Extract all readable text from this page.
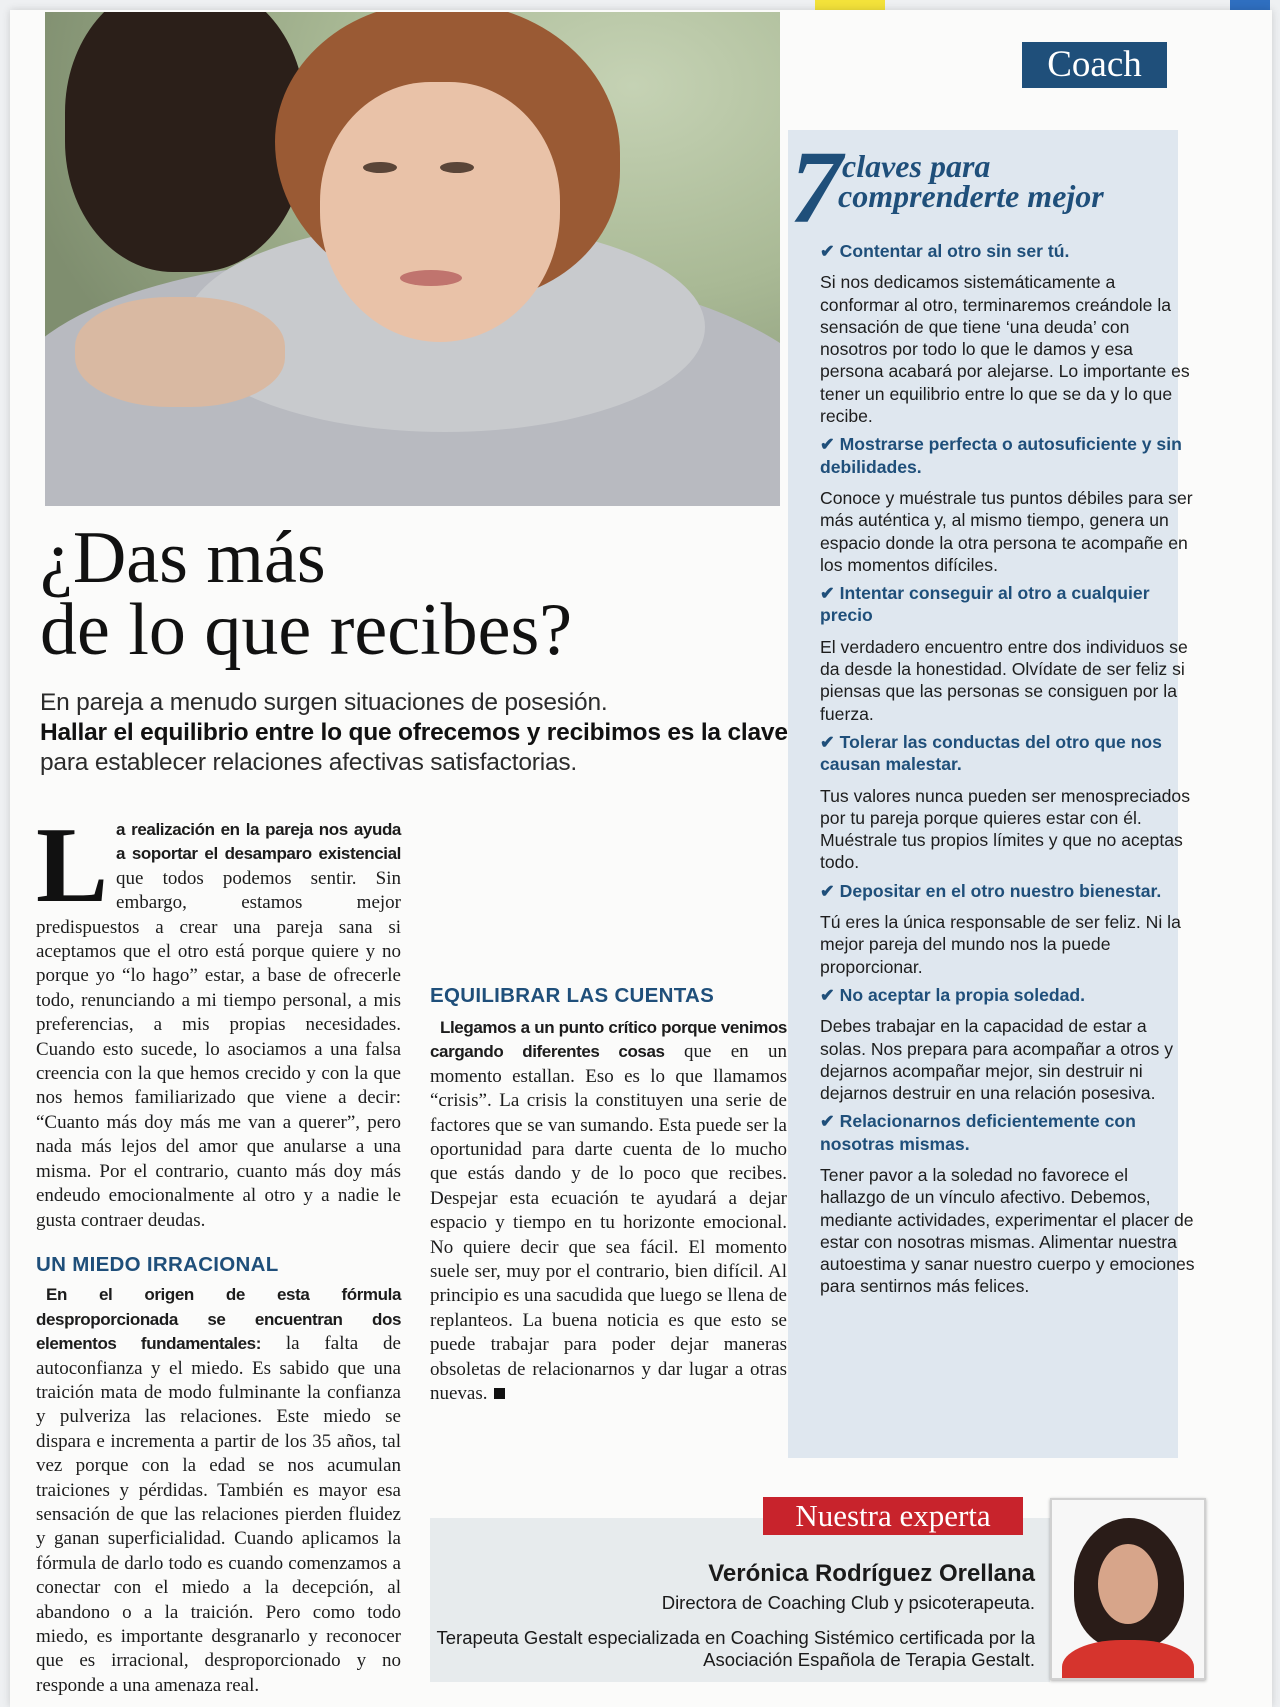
Coach
¿Das más
de lo que recibes?

En pareja a menudo surgen situaciones de posesión.
Hallar el equilibrio entre lo que ofrecemos y recibimos es la clave para establecer relaciones afectivas satisfactorias.

La realización en la pareja nos ayuda a soportar el desamparo existencial que todos podemos sentir. Sin embargo, estamos mejor predispuestos a crear una pareja sana si aceptamos que el otro está porque quiere y no porque yo “lo hago” estar, a base de ofrecerle todo, renunciando a mi tiempo personal, a mis preferencias, a mis propias necesidades. Cuando esto sucede, lo asociamos a una falsa creencia con la que hemos crecido y con la que nos hemos familiarizado que viene a decir: “Cuanto más doy más me van a querer”, pero nada más lejos del amor que anularse a una misma. Por el contrario, cuanto más doy más endeudo emocionalmente al otro y a nadie le gusta contraer deudas.

UN MIEDO IRRACIONAL

En el origen de esta fórmula desproporcionada se encuentran dos elementos fundamentales: la falta de autoconfianza y el miedo. Es sabido que una traición mata de modo fulminante la confianza y pulveriza las relaciones. Este miedo se dispara e incrementa a partir de los 35 años, tal vez porque con la edad se nos acumulan traiciones y pérdidas. También es mayor esa sensación de que las relaciones pierden fluidez y ganan superficialidad. Cuando aplicamos la fórmula de darlo todo es cuando comenzamos a conectar con el miedo a la decepción, al abandono o a la traición. Pero como todo miedo, es importante desgranarlo y reconocer que es irracional, desproporcionado y no responde a una amenaza real.

EQUILIBRAR LAS CUENTAS

Llegamos a un punto crítico porque venimos cargando diferentes cosas que en un momento estallan. Eso es lo que llamamos “crisis”. La crisis la constituyen una serie de factores que se van sumando. Esta puede ser la oportunidad para darte cuenta de lo mucho que estás dando y de lo poco que recibes. Despejar esta ecuación te ayudará a dejar espacio y tiempo en tu horizonte emocional. No quiere decir que sea fácil. El momento suele ser, muy por el contrario, bien difícil. Al principio es una sacudida que luego se llena de replanteos. La buena noticia es que esto se puede trabajar para poder dejar maneras obsoletas de relacionarnos y dar lugar a otras nuevas.

7 claves para
comprenderte mejor

✔ Contentar al otro sin ser tú.

Si nos dedicamos sistemáticamente a conformar al otro, terminaremos creándole la sensación de que tiene ‘una deuda’ con nosotros por todo lo que le damos y esa persona acabará por alejarse. Lo importante es tener un equilibrio entre lo que se da y lo que recibe.

✔ Mostrarse perfecta o autosuficiente y sin debilidades.

Conoce y muéstrale tus puntos débiles para ser más auténtica y, al mismo tiempo, genera un espacio donde la otra persona te acompañe en los momentos difíciles.

✔ Intentar conseguir al otro a cualquier precio

El verdadero encuentro entre dos individuos se da desde la honestidad. Olvídate de ser feliz si piensas que las personas se consiguen por la fuerza.

✔ Tolerar las conductas del otro que nos causan malestar.

Tus valores nunca pueden ser menospreciados por tu pareja porque quieres estar con él. Muéstrale tus propios límites y que no aceptas todo.

✔ Depositar en el otro nuestro bienestar.

Tú eres la única responsable de ser feliz. Ni la mejor pareja del mundo nos la puede proporcionar.

✔ No aceptar la propia soledad.

Debes trabajar en la capacidad de estar a solas. Nos prepara para acompañar a otros y dejarnos acompañar mejor, sin destruir ni dejarnos destruir en una relación posesiva.

✔ Relacionarnos deficientemente con nosotras mismas.

Tener pavor a la soledad no favorece el hallazgo de un vínculo afectivo. Debemos, mediante actividades, experimentar el placer de estar con nosotras mismas. Alimentar nuestra autoestima y sanar nuestro cuerpo y emociones para sentirnos más felices.

Nuestra experta
Verónica Rodríguez Orellana
Directora de Coaching Club y psicoterapeuta.
Terapeuta Gestalt especializada en Coaching Sistémico certificada por la Asociación Española de Terapia Gestalt.
